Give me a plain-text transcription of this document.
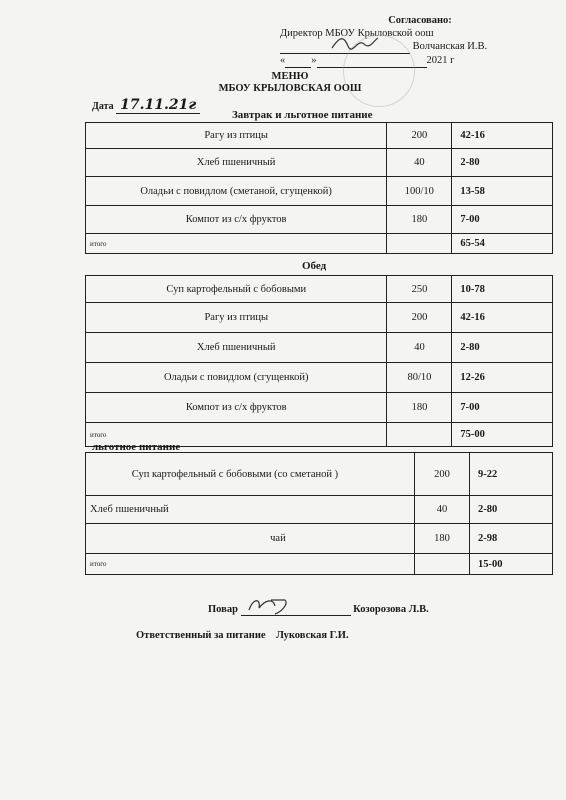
Согласовано:
Директор МБОУ Крыловской оош
Волчанская И.В.
« »	2021 г
МЕНЮ
МБОУ КРЫЛОВСКАЯ ООШ
Дата 17.11.21г
Завтрак и льготное питание
Рагу из птицы	200	42-16
Хлеб пшеничный	40	2-80
Оладьи с повидлом (сметаной, сгущенкой)	100/10	13-58
Компот из с/х фруктов	180	7-00
итого		65-54
Обед
Суп картофельный с бобовыми	250	10-78
Рагу из птицы	200	42-16
Хлеб пшеничный	40	2-80
Оладьи с повидлом (сгущенкой)	80/10	12-26
Компот из с/х фруктов	180	7-00
итого		75-00
льготное питание
Суп картофельный с бобовыми (со сметаной )	200	9-22
Хлеб пшеничный	40	2-80
чай	180	2-98
итого		15-00
Повар	Козорозова Л.В.
Ответственный за питание Луковская Г.И.
